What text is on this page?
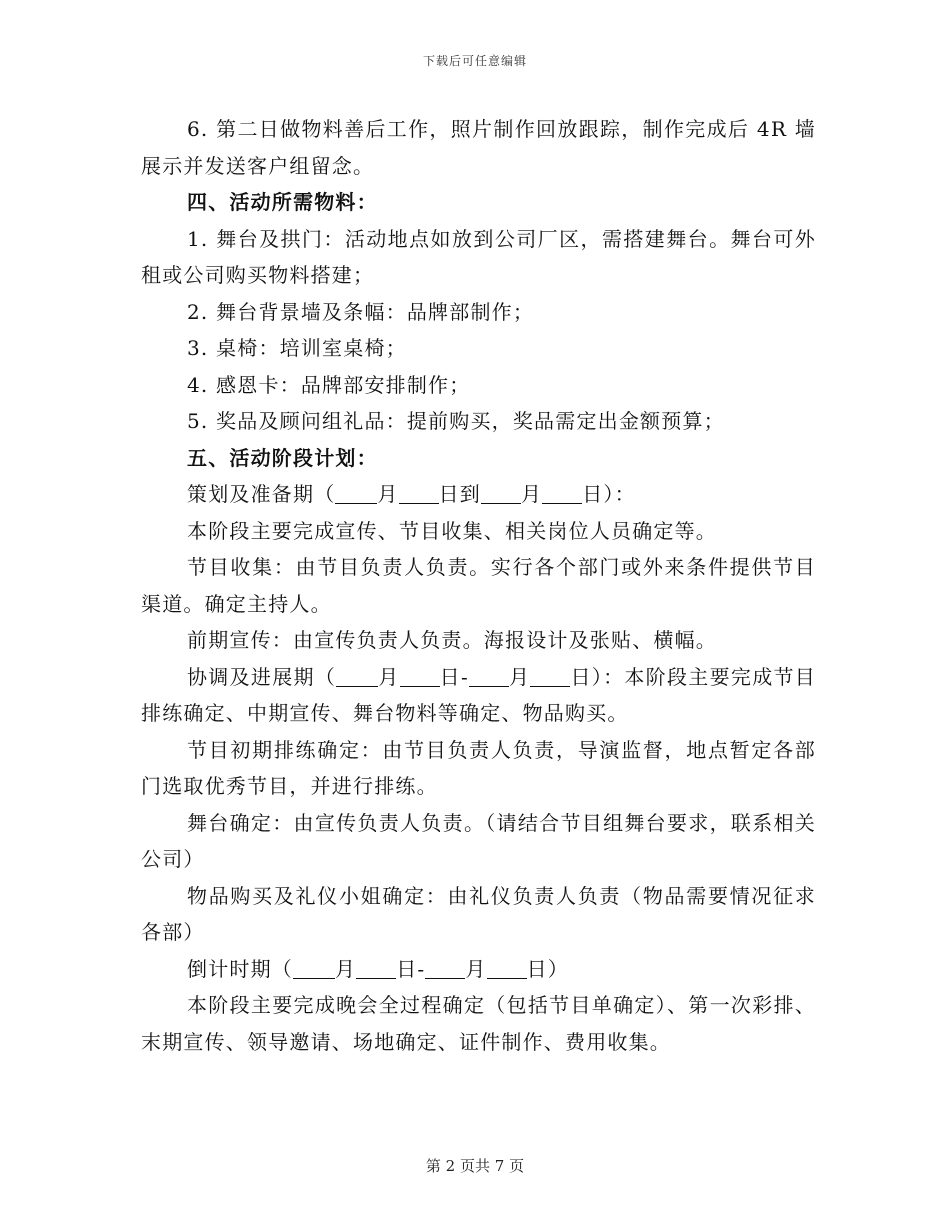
下载后可任意编辑

6. 第二日做物料善后工作，照片制作回放跟踪，制作完成后 4R 墙展示并发送客户组留念。

四、活动所需物料：

1. 舞台及拱门：活动地点如放到公司厂区，需搭建舞台。舞台可外租或公司购买物料搭建；

2. 舞台背景墙及条幅：品牌部制作；

3. 桌椅：培训室桌椅；

4. 感恩卡：品牌部安排制作；

5. 奖品及顾问组礼品：提前购买，奖品需定出金额预算；

五、活动阶段计划：

策划及准备期（ 月 日到 月 日）：

本阶段主要完成宣传、节目收集、相关岗位人员确定等。

节目收集：由节目负责人负责。实行各个部门或外来条件提供节目渠道。确定主持人。

前期宣传：由宣传负责人负责。海报设计及张贴、横幅。

协调及进展期（ 月 日- 月 日）：本阶段主要完成节目排练确定、中期宣传、舞台物料等确定、物品购买。

节目初期排练确定：由节目负责人负责，导演监督，地点暂定各部门选取优秀节目，并进行排练。

舞台确定：由宣传负责人负责。（请结合节目组舞台要求，联系相关公司）

物品购买及礼仪小姐确定：由礼仪负责人负责（物品需要情况征求各部）

倒计时期（ 月 日- 月 日）

本阶段主要完成晚会全过程确定（包括节目单确定）、第一次彩排、末期宣传、领导邀请、场地确定、证件制作、费用收集。

第 2 页共 7 页
